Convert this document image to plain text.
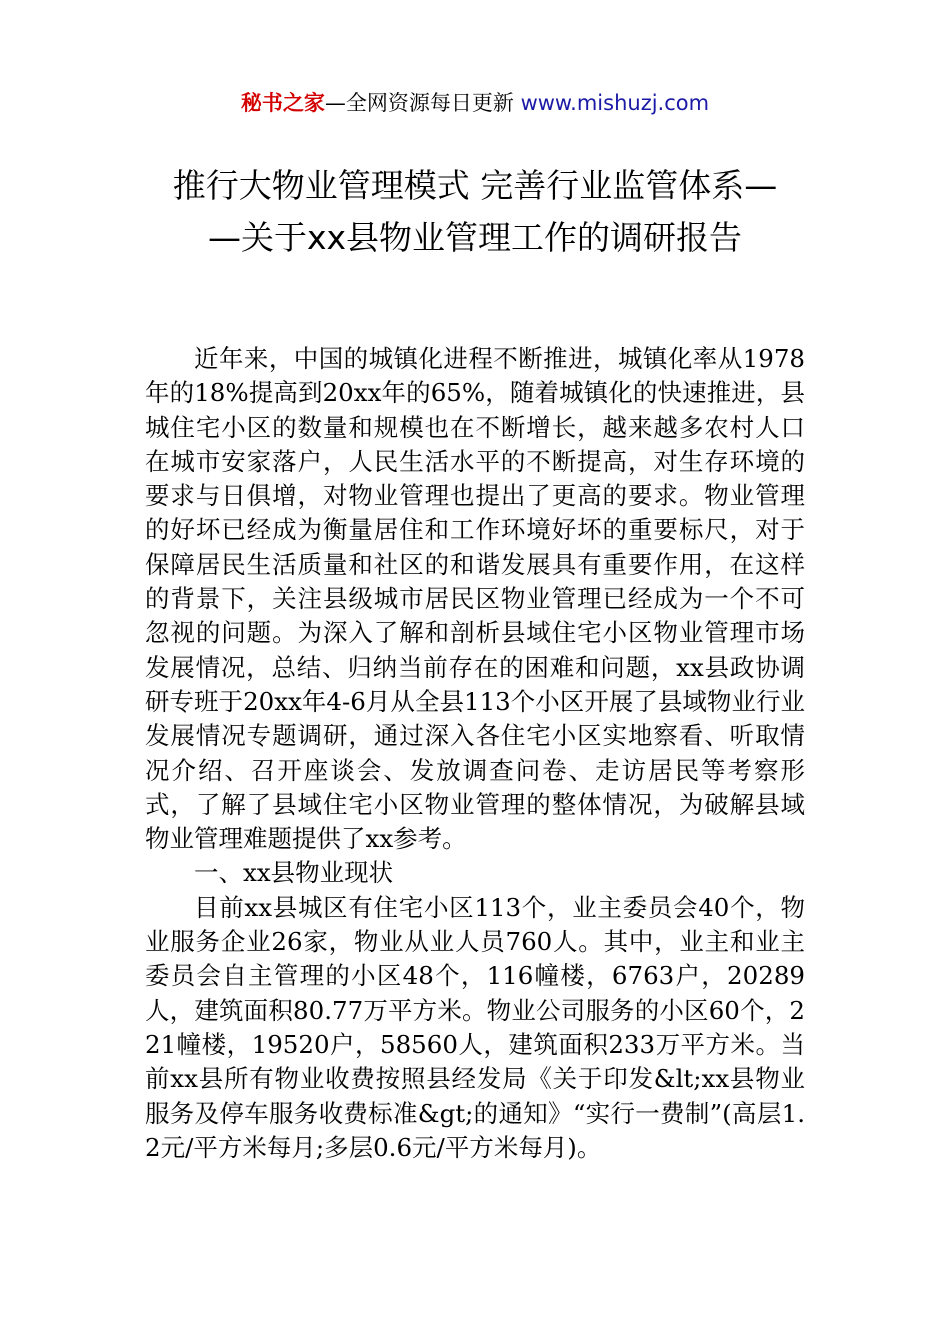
秘书之家—全网资源每日更新 www.mishuzj.com
推行大物业管理模式 完善行业监管体系—
—关于xx县物业管理工作的调研报告

近年来，中国的城镇化进程不断推进，城镇化率从1978年的18%提高到20xx年的65%，随着城镇化的快速推进，县城住宅小区的数量和规模也在不断增长，越来越多农村人口在城市安家落户，人民生活水平的不断提高，对生存环境的要求与日俱增，对物业管理也提出了更高的要求。物业管理的好坏已经成为衡量居住和工作环境好坏的重要标尺，对于保障居民生活质量和社区的和谐发展具有重要作用，在这样的背景下，关注县级城市居民区物业管理已经成为一个不可忽视的问题。为深入了解和剖析县域住宅小区物业管理市场发展情况，总结、归纳当前存在的困难和问题，xx县政协调研专班于20xx年4-6月从全县113个小区开展了县域物业行业发展情况专题调研，通过深入各住宅小区实地察看、听取情况介绍、召开座谈会、发放调查问卷、走访居民等考察形式，了解了县域住宅小区物业管理的整体情况，为破解县域物业管理难题提供了xx参考。

一、xx县物业现状

目前xx县城区有住宅小区113个，业主委员会40个，物业服务企业26家，物业从业人员760人。其中，业主和业主委员会自主管理的小区48个，116幢楼，6763户，20289人，建筑面积80.77万平方米。物业公司服务的小区60个，221幢楼，19520户，58560人，建筑面积233万平方米。当前xx县所有物业收费按照县经发局《关于印发&lt;xx县物业服务及停车服务收费标准&gt;的通知》“实行一费制”(高层1.2元/平方米每月;多层0.6元/平方米每月)。
